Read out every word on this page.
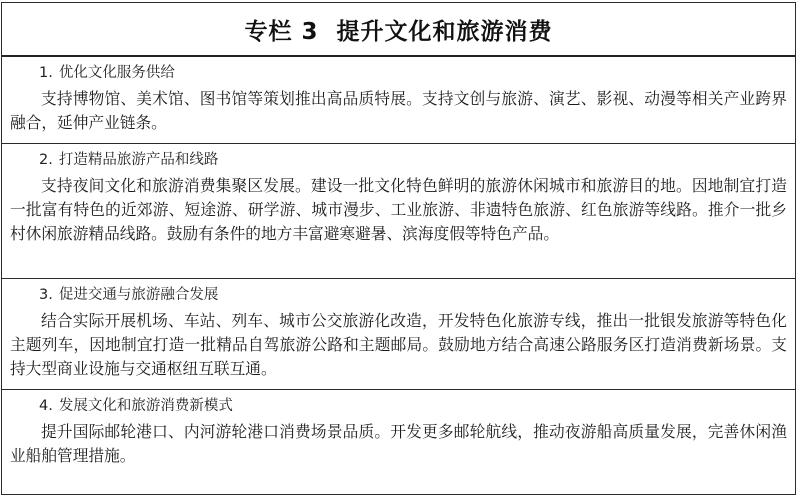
专栏 3 提升文化和旅游消费
1. 优化文化服务供给
支持博物馆、美术馆、图书馆等策划推出高品质特展。支持文创与旅游、演艺、影视、动漫等相关产业跨界融合，延伸产业链条。
2. 打造精品旅游产品和线路
支持夜间文化和旅游消费集聚区发展。建设一批文化特色鲜明的旅游休闲城市和旅游目的地。因地制宜打造一批富有特色的近郊游、短途游、研学游、城市漫步、工业旅游、非遗特色旅游、红色旅游等线路。推介一批乡村休闲旅游精品线路。鼓励有条件的地方丰富避寒避暑、滨海度假等特色产品。
3. 促进交通与旅游融合发展
结合实际开展机场、车站、列车、城市公交旅游化改造，开发特色化旅游专线，推出一批银发旅游等特色化主题列车，因地制宜打造一批精品自驾旅游公路和主题邮局。鼓励地方结合高速公路服务区打造消费新场景。支持大型商业设施与交通枢纽互联互通。
4. 发展文化和旅游消费新模式
提升国际邮轮港口、内河游轮港口消费场景品质。开发更多邮轮航线，推动夜游船高质量发展，完善休闲渔业船舶管理措施。
